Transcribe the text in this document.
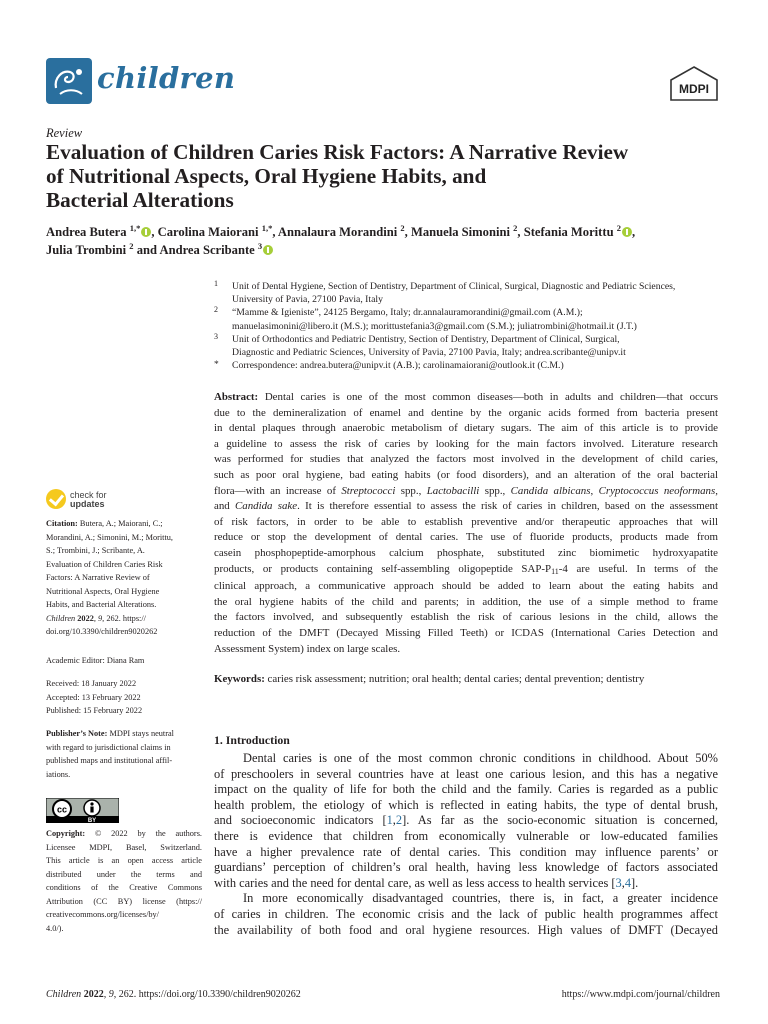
children	MDPI
Review
Evaluation of Children Caries Risk Factors: A Narrative Review
of Nutritional Aspects, Oral Hygiene Habits, and
Bacterial Alterations
Andrea Butera $^{1,*}$ , Carolina Maiorani $^{1,*}$, Annalaura Morandini $^2$, Manuela Simonini $^2$, Stefania Morittu $^2$ ,
Julia Trombini $^2$ and Andrea Scribante $^3$
1 Unit of Dental Hygiene, Section of Dentistry, Department of Clinical, Surgical, Diagnostic and Pediatric Sciences,
University of Pavia, 27100 Pavia, Italy
2 “Mamme & Igieniste”, 24125 Bergamo, Italy; dr.annalauramorandini@gmail.com (A.M.);
manuelasimonini@libero.it (M.S.); morittustefania3@gmail.com (S.M.); juliatrombini@hotmail.it (J.T.)
3 Unit of Orthodontics and Pediatric Dentistry, Section of Dentistry, Department of Clinical, Surgical,
Diagnostic and Pediatric Sciences, University of Pavia, 27100 Pavia, Italy; andrea.scribante@unipv.it
* Correspondence: andrea.butera@unipv.it (A.B.); carolinamaiorani@outlook.it (C.M.)
Abstract: Dental caries is one of the most common diseases—both in adults and children—that occurs
due to the demineralization of enamel and dentine by the organic acids formed from bacteria present
in dental plaques through anaerobic metabolism of dietary sugars. The aim of this article is to provide
a guideline to assess the risk of caries by looking for the main factors involved. Literature research
was performed for studies that analyzed the factors most involved in the development of child caries,
such as poor oral hygiene, bad eating habits (or food disorders), and an alteration of the oral bacterial
flora—with an increase of Streptococci spp., Lactobacilli spp., Candida albicans, Cryptococcus neoformans,
and Candida sake. It is therefore essential to assess the risk of caries in children, based on the assessment
of risk factors, in order to be able to establish preventive and/or therapeutic approaches that will
reduce or stop the development of dental caries. The use of fluoride products, products made from
casein phosphopeptide-amorphous calcium phosphate, substituted zinc biomimetic hydroxyapatite
products, or products containing self-assembling oligopeptide SAP-$P_{11}-4$ are useful. In terms of the
clinical approach, a communicative approach should be added to learn about the eating habits and
the oral hygiene habits of the child and parents; in addition, the use of a simple method to frame
the factors involved, and subsequently establish the risk of carious lesions in the child, allows the
reduction of the DMFT (Decayed Missing Filled Teeth) or ICDAS (International Caries Detection and
Assessment System) index on large scales.
Keywords: caries risk assessment; nutrition; oral health; dental caries; dental prevention; dentistry
check for
updates
Citation: Butera, A.; Maiorani, C.;
Morandini, A.; Simonini, M.; Morittu,
S.; Trombini, J.; Scribante, A.
Evaluation of Children Caries Risk
Factors: A Narrative Review of
Nutritional Aspects, Oral Hygiene
Habits, and Bacterial Alterations.
Children 2022, 9, 262. https://
doi.org/10.3390/children9020262
Academic Editor: Diana Ram
Received: 18 January 2022
Accepted: 13 February 2022
Published: 15 February 2022
Publisher’s Note: MDPI stays neutral
with regard to jurisdictional claims in
published maps and institutional affil-
iations.
cc
BY
Copyright: © 2022 by the authors.
Licensee MDPI, Basel, Switzerland.
This article is an open access article
distributed under the terms and
conditions of the Creative Commons
Attribution (CC BY) license (https://
creativecommons.org/licenses/by/
4.0/).
1. Introduction
Dental caries is one of the most common chronic conditions in childhood. About 50%
of preschoolers in several countries have at least one carious lesion, and this has a negative
impact on the quality of life for both the child and the family. Caries is regarded as a public
health problem, the etiology of which is reflected in eating habits, the type of dental brush,
and socioeconomic indicators [1,2]. As far as the socio-economic situation is concerned,
there is evidence that children from economically vulnerable or low-educated families
have a higher prevalence rate of dental caries. This condition may influence parents’ or
guardians’ perception of children’s oral health, having less knowledge of factors associated
with caries and the need for dental care, as well as less access to health services [3,4].
In more economically disadvantaged countries, there is, in fact, a greater incidence
of caries in children. The economic crisis and the lack of public health programmes affect
the availability of both food and oral hygiene resources. High values of DMFT (Decayed
Children 2022, 9, 262. https://doi.org/10.3390/children9020262	https://www.mdpi.com/journal/children
